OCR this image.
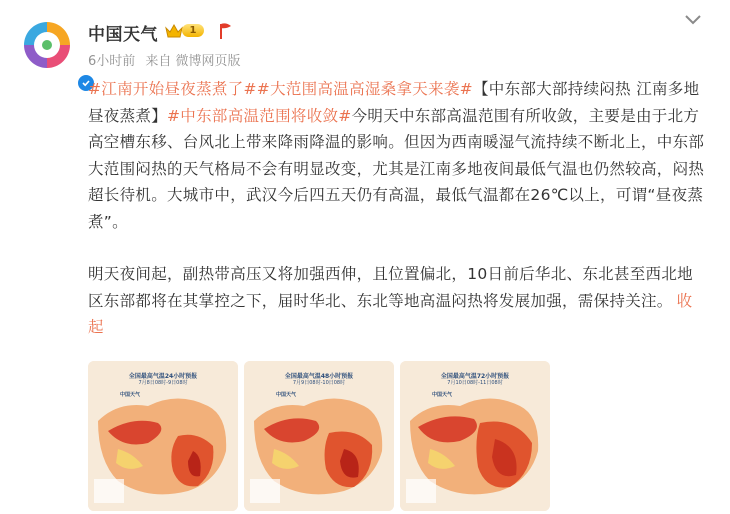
中国天气	1
6小时前 来自 微博网页版
#江南开始昼夜蒸煮了##大范围高温高湿桑拿天来袭#【中东部大部持续闷热 江南多地昼夜蒸煮】#中东部高温范围将收敛#今明天中东部高温范围有所收敛，主要是由于北方高空槽东移、台风北上带来降雨降温的影响。但因为西南暖湿气流持续不断北上，中东部大范围闷热的天气格局不会有明显改变，尤其是江南多地夜间最低气温也仍然较高，闷热超长待机。大城市中，武汉今后四五天仍有高温，最低气温都在26℃以上，可谓“昼夜蒸煮”。
明天夜间起，副热带高压又将加强西伸，且位置偏北，10日前后华北、东北甚至西北地区东部都将在其掌控之下，届时华北、东北等地高温闷热将发展加强，需保持关注。 收起
全国最高气温24小时预报
7月8日08时-9日08时
中国天气
全国最高气温48小时预报
7月9日08时-10日08时
中国天气
全国最高气温72小时预报
7月10日08时-11日08时
中国天气
